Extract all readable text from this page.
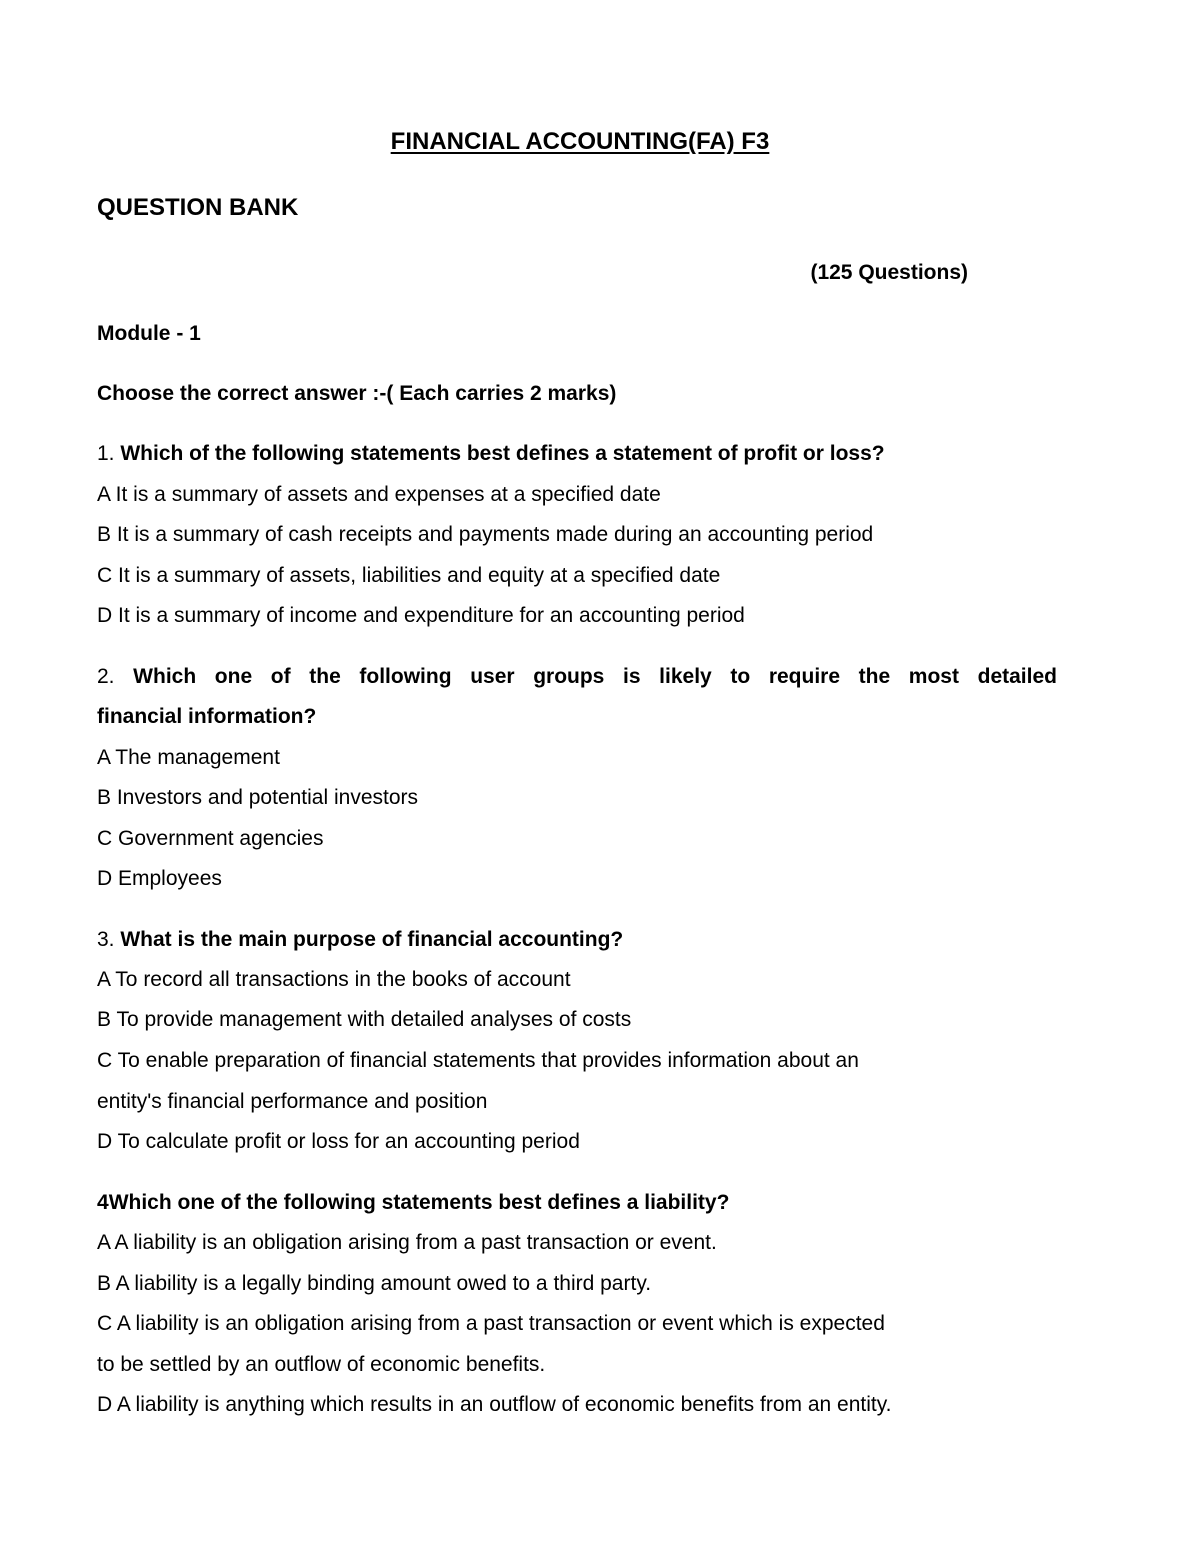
FINANCIAL ACCOUNTING(FA) F3
QUESTION BANK
(125 Questions)
Module - 1
Choose the correct answer :-( Each carries 2 marks)
1. Which of the following statements best defines a statement of profit or loss?
A It is a summary of assets and expenses at a specified date
B It is a summary of cash receipts and payments made during an accounting period
C It is a summary of assets, liabilities and equity at a specified date
D It is a summary of income and expenditure for an accounting period
2. Which one of the following user groups is likely to require the most detailed
financial information?
A The management
B Investors and potential investors
C Government agencies
D Employees
3. What is the main purpose of financial accounting?
A To record all transactions in the books of account
B To provide management with detailed analyses of costs
C To enable preparation of financial statements that provides information about an
entity's financial performance and position
D To calculate profit or loss for an accounting period
4Which one of the following statements best defines a liability?
A A liability is an obligation arising from a past transaction or event.
B A liability is a legally binding amount owed to a third party.
C A liability is an obligation arising from a past transaction or event which is expected
to be settled by an outflow of economic benefits.
D A liability is anything which results in an outflow of economic benefits from an entity.
